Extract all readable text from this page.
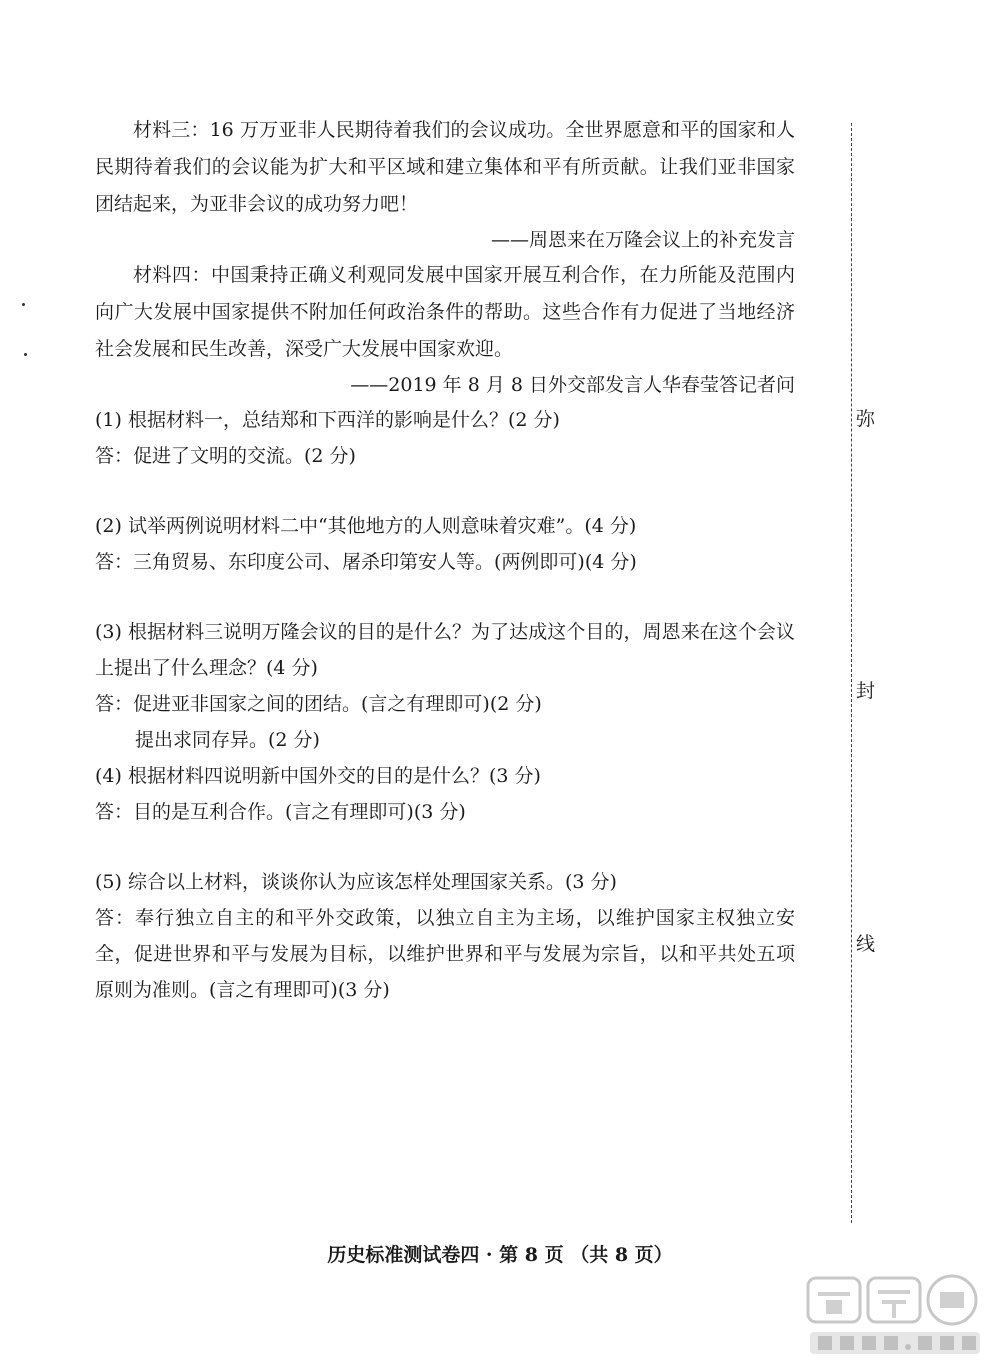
材料三：16 万万亚非人民期待着我们的会议成功。全世界愿意和平的国家和人民期待着我们的会议能为扩大和平区域和建立集体和平有所贡献。让我们亚非国家团结起来，为亚非会议的成功努力吧！

——周恩来在万隆会议上的补充发言

材料四：中国秉持正确义利观同发展中国家开展互利合作，在力所能及范围内向广大发展中国家提供不附加任何政治条件的帮助。这些合作有力促进了当地经济社会发展和民生改善，深受广大发展中国家欢迎。

——2019 年 8 月 8 日外交部发言人华春莹答记者问

(1) 根据材料一，总结郑和下西洋的影响是什么？(2 分)

答：促进了文明的交流。(2 分)

(2) 试举两例说明材料二中“其他地方的人则意味着灾难”。(4 分)

答：三角贸易、东印度公司、屠杀印第安人等。(两例即可)(4 分)

(3) 根据材料三说明万隆会议的目的是什么？为了达成这个目的，周恩来在这个会议上提出了什么理念？(4 分)

答：促进亚非国家之间的团结。(言之有理即可)(2 分)

提出求同存异。(2 分)

(4) 根据材料四说明新中国外交的目的是什么？(3 分)

答：目的是互利合作。(言之有理即可)(3 分)

(5) 综合以上材料，谈谈你认为应该怎样处理国家关系。(3 分)

答：奉行独立自主的和平外交政策，以独立自主为主场，以维护国家主权独立安全，促进世界和平与发展为目标，以维护世界和平与发展为宗旨，以和平共处五项原则为准则。(言之有理即可)(3 分)

弥
封
线
历史标准测试卷四 · 第 8 页 （共 8 页）
